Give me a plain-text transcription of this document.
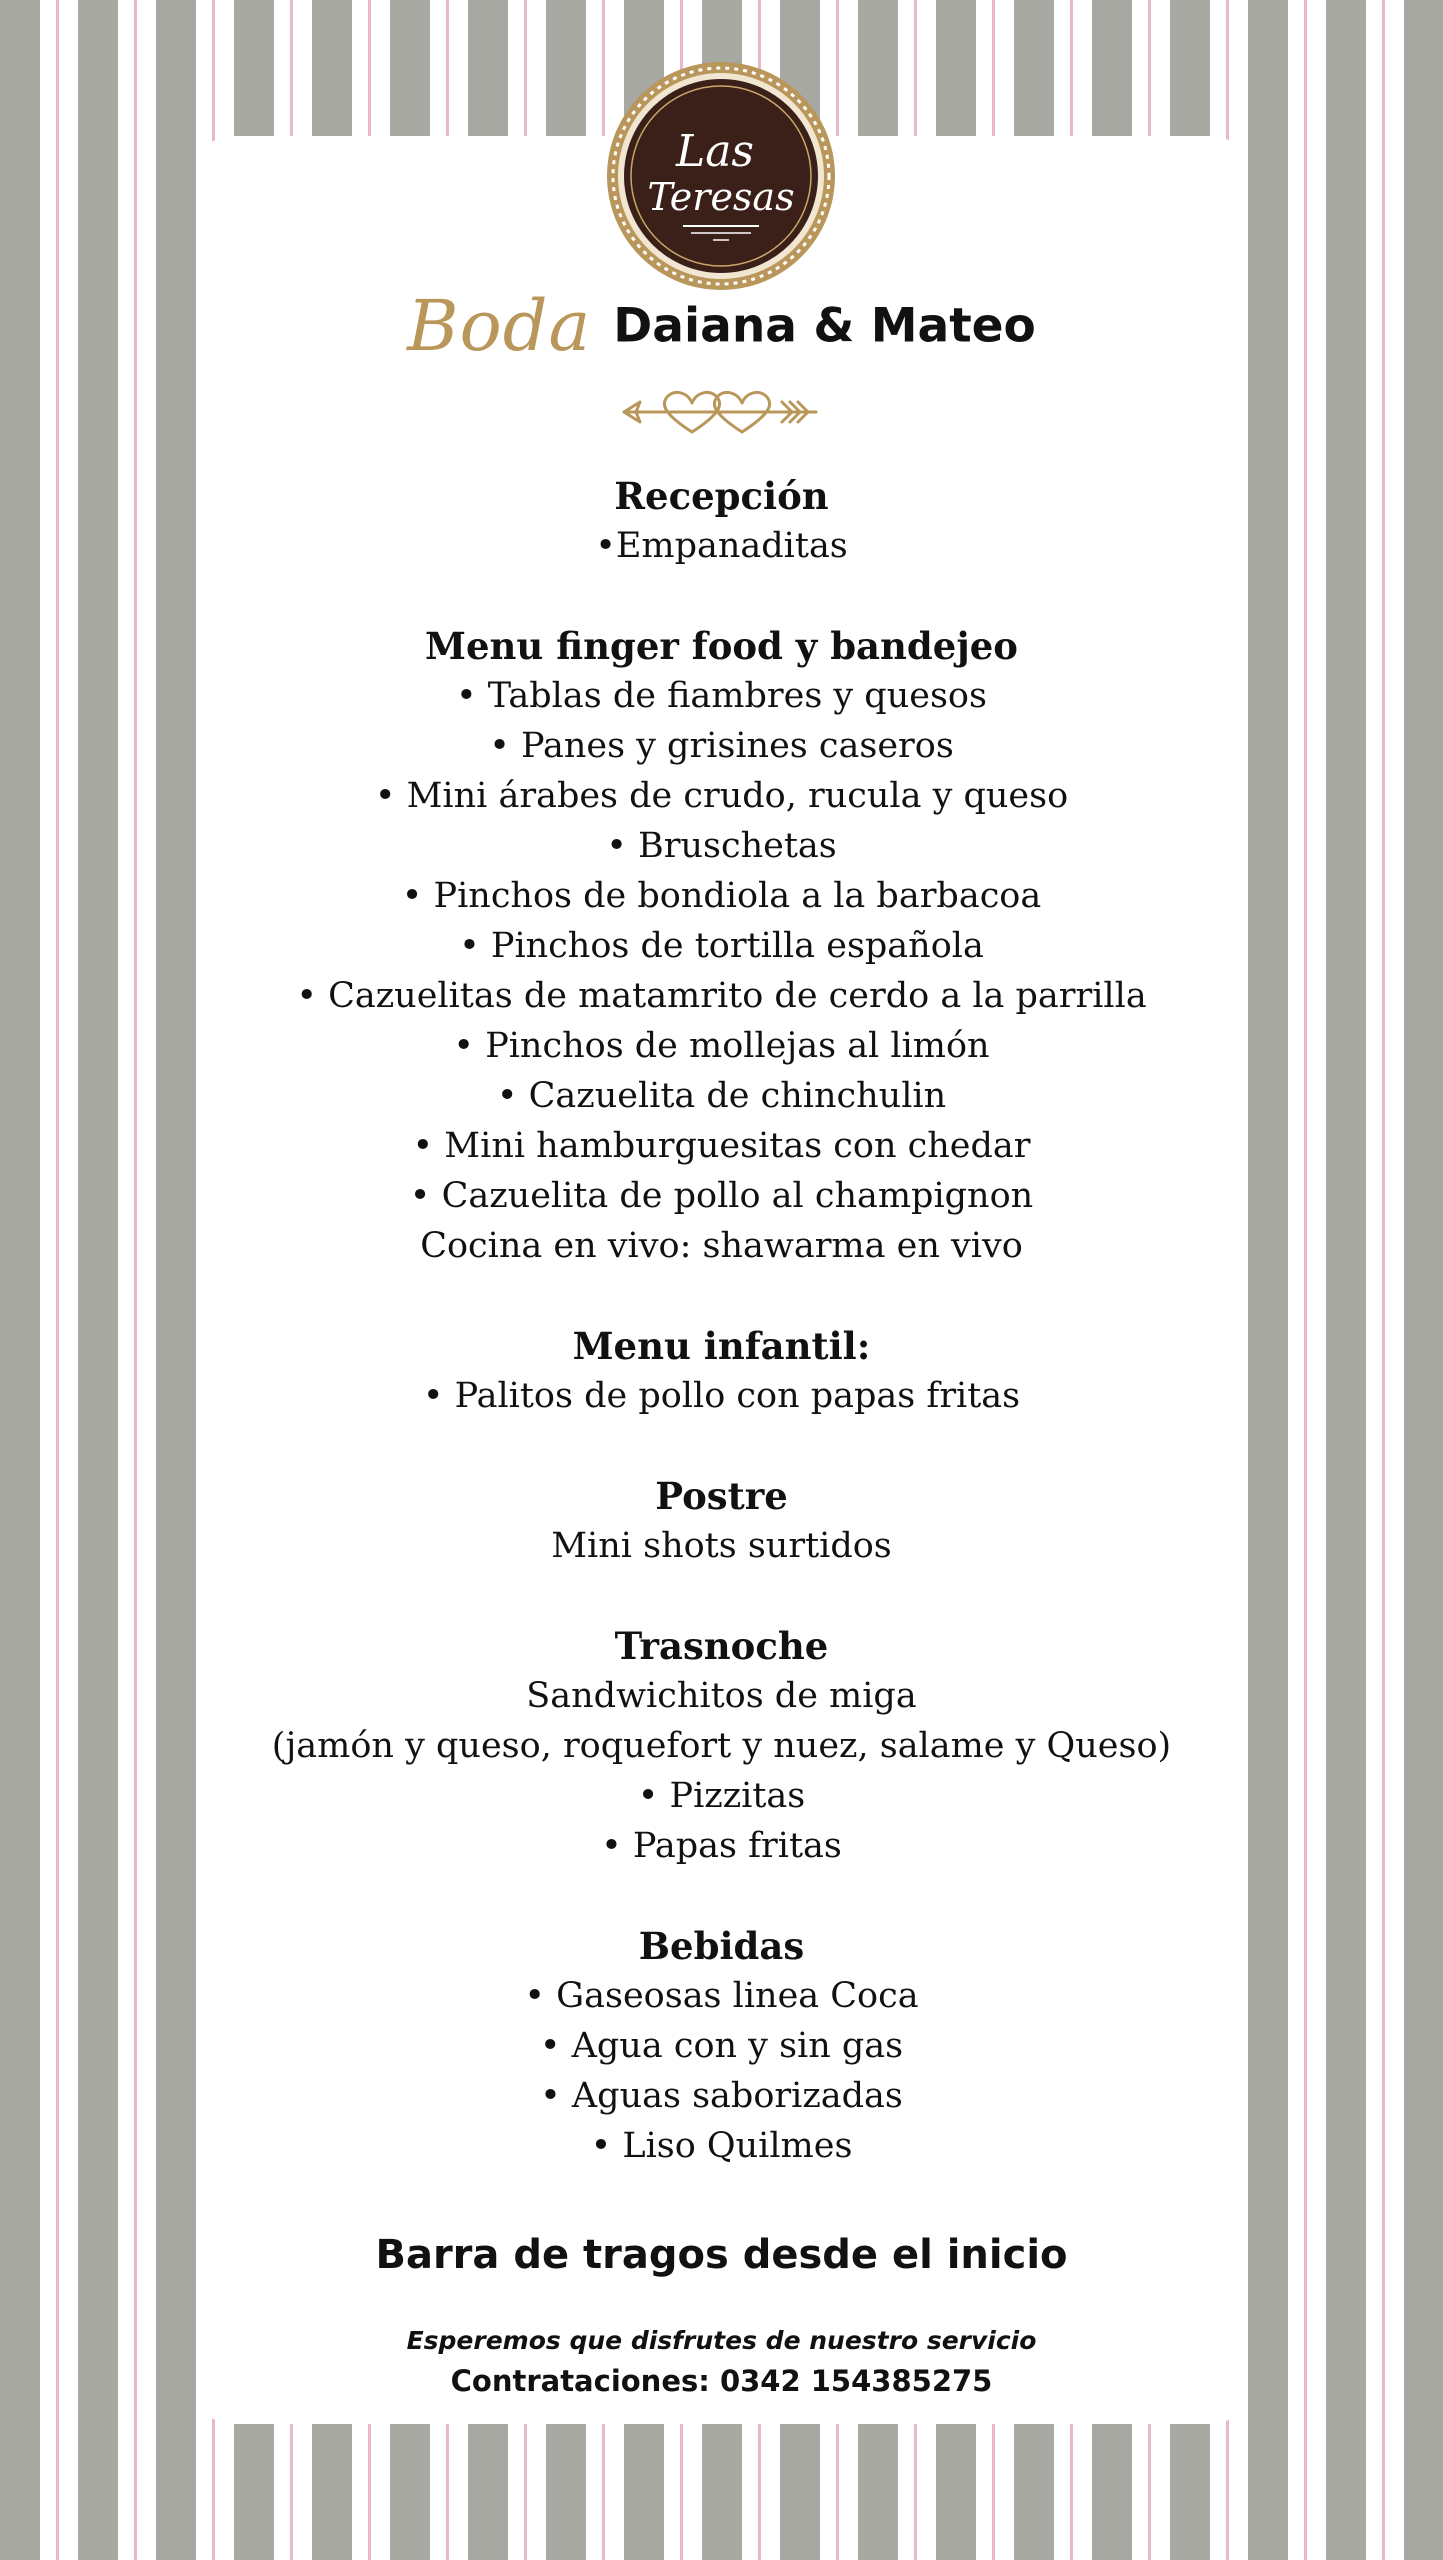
Las
Teresas
Boda Daiana & Mateo
Recepción
•Empanaditas
Menu finger food y bandejeo
• Tablas de fiambres y quesos
• Panes y grisines caseros
• Mini árabes de crudo, rucula y queso
• Bruschetas
• Pinchos de bondiola a la barbacoa
• Pinchos de tortilla española
• Cazuelitas de matamrito de cerdo a la parrilla
• Pinchos de mollejas al limón
• Cazuelita de chinchulin
• Mini hamburguesitas con chedar
• Cazuelita de pollo al champignon
Cocina en vivo: shawarma en vivo
Menu infantil:
• Palitos de pollo con papas fritas
Postre
Mini shots surtidos
Trasnoche
Sandwichitos de miga
(jamón y queso, roquefort y nuez, salame y Queso)
• Pizzitas
• Papas fritas
Bebidas
• Gaseosas linea Coca
• Agua con y sin gas
• Aguas saborizadas
• Liso Quilmes
Barra de tragos desde el inicio
Esperemos que disfrutes de nuestro servicio
Contrataciones: 0342 154385275
